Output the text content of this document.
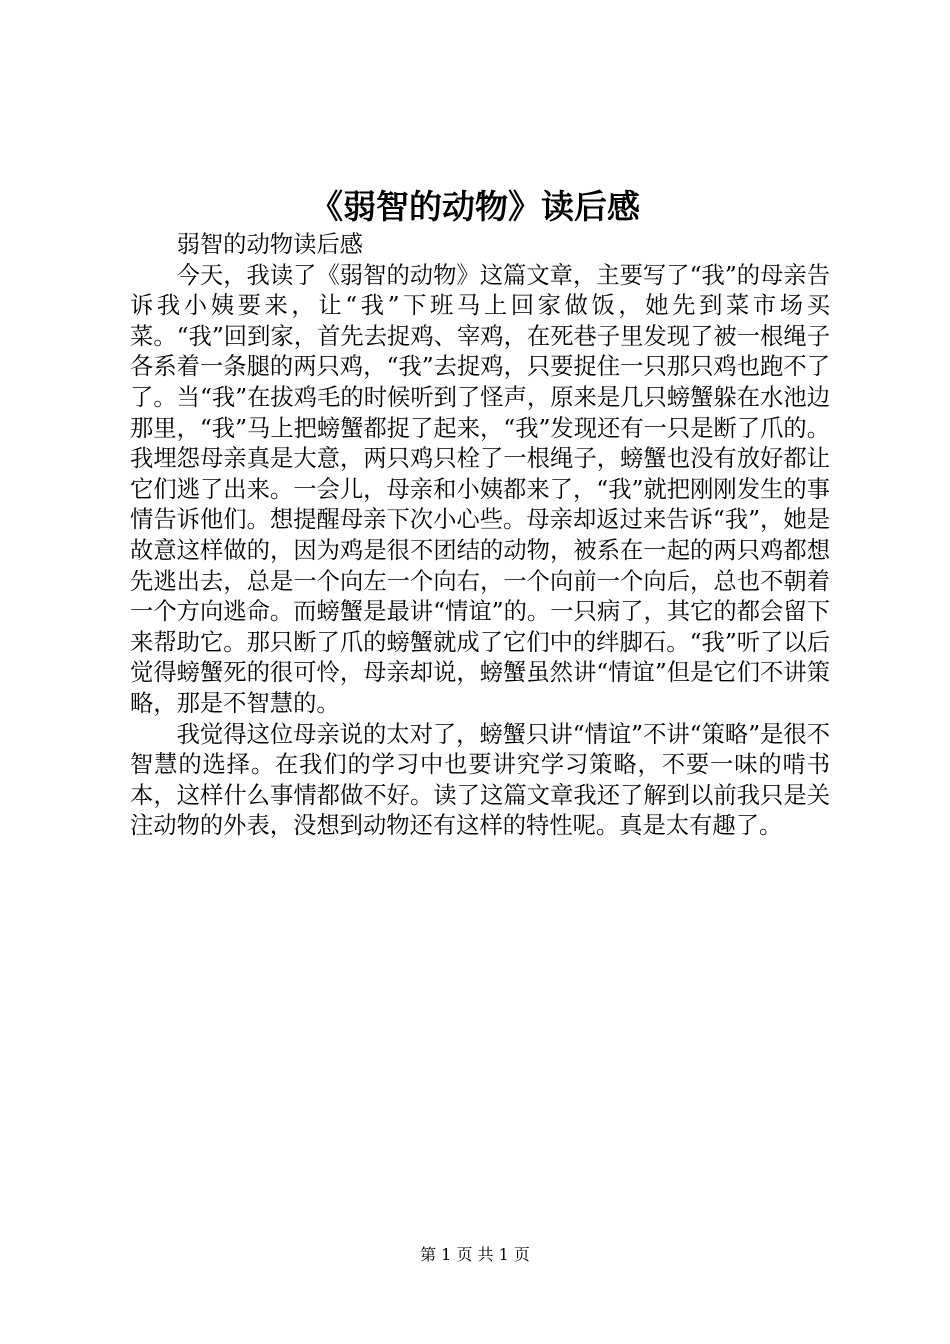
《弱智的动物》读后感

弱智的动物读后感

今天，我读了《弱智的动物》这篇文章，主要写了“我”的母亲告诉我小姨要来，让“我”下班马上回家做饭，她先到菜市场买菜。“我”回到家，首先去捉鸡、宰鸡，在死巷子里发现了被一根绳子各系着一条腿的两只鸡，“我”去捉鸡，只要捉住一只那只鸡也跑不了了。当“我”在拔鸡毛的时候听到了怪声，原来是几只螃蟹躲在水池边那里，“我”马上把螃蟹都捉了起来，“我”发现还有一只是断了爪的。我埋怨母亲真是大意，两只鸡只栓了一根绳子，螃蟹也没有放好都让它们逃了出来。一会儿，母亲和小姨都来了，“我”就把刚刚发生的事情告诉他们。想提醒母亲下次小心些。母亲却返过来告诉“我”，她是故意这样做的，因为鸡是很不团结的动物，被系在一起的两只鸡都想先逃出去，总是一个向左一个向右，一个向前一个向后，总也不朝着一个方向逃命。而螃蟹是最讲“情谊”的。一只病了，其它的都会留下来帮助它。那只断了爪的螃蟹就成了它们中的绊脚石。“我”听了以后觉得螃蟹死的很可怜，母亲却说，螃蟹虽然讲“情谊”但是它们不讲策略，那是不智慧的。

我觉得这位母亲说的太对了，螃蟹只讲“情谊”不讲“策略”是很不智慧的选择。在我们的学习中也要讲究学习策略，不要一味的啃书本，这样什么事情都做不好。读了这篇文章我还了解到以前我只是关注动物的外表，没想到动物还有这样的特性呢。真是太有趣了。

第 1 页 共 1 页
